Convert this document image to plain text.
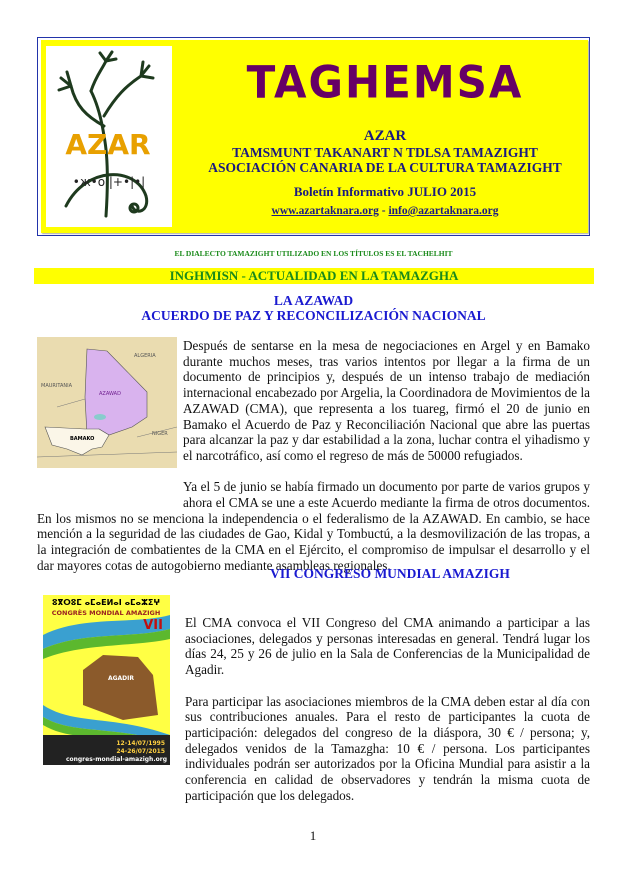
AZAR
•ж•o |+•|•|
TAGHEMSA
AZAR
TAMSMUNT TAKANART N TDLSA TAMAZIGHT
ASOCIACIÓN CANARIA DE LA CULTURA TAMAZIGHT
Boletín Informativo JULIO 2015
www.azartaknara.org - info@azartaknara.org
EL DIALECTO TAMAZIGHT UTILIZADO EN LOS TÍTULOS ES EL TACHELHIT
INGHMISN - ACTUALIDAD EN LA TAMAZGHA
LA AZAWAD
ACUERDO DE PAZ Y RECONCILIZACIÓN NACIONAL
ALGERIA
MAURITANIA
AZAWAD
NIGER
BAMAKO

Después de sentarse en la mesa de negociaciones en Argel y en Bamako durante muchos meses, tras varios intentos por llegar a la firma de un documento de principios y, después de un intenso trabajo de mediación internacional encabezado por Argelia, la Coordinadora de Movimientos de la AZAWAD (CMA), que representa a los tuareg, firmó el 20 de junio en Bamako el Acuerdo de Paz y Reconciliación Nacional que abre las puertas para alcanzar la paz y dar estabilidad a la zona, luchar contra el yihadismo y el narcotráfico, así como el regreso de más de 50000 refugiados.

Ya el 5 de junio se había firmado un documento por parte de varios grupos y ahora el CMA se une a este Acuerdo mediante la firma de otros documentos. En los mismos no se menciona la independencia o el federalismo de la AZAWAD. En cambio, se hace mención a la seguridad de las ciudades de Gao, Kidal y Tombuctú, a la desmovilización de las tropas, a la integración de combatientes de la CMA en el Ejército, el compromiso de impulsar el desarrollo y el dar mayores cotas de autogobierno mediante asambleas regionales.

VII CONGRESO MUNDIAL AMAZIGH
ⵓⴳⵔⵓⵎ ⴰⵎⴰⴹⵍⴰⵏ ⴰⵎⴰⵣⵉⵖ
CONGRÈS MONDIAL AMAZIGH
VII
AGADIR
12-14/07/1995
24-26/07/2015
congres-mondial-amazigh.org

El CMA convoca el VII Congreso del CMA animando a participar a las asociaciones, delegados y personas interesadas en general. Tendrá lugar los días 24, 25 y 26 de julio en la Sala de Conferencias de la Municipalidad de Agadir.

Para participar las asociaciones miembros de la CMA deben estar al día con sus contribuciones anuales. Para el resto de participantes la cuota de participación: delegados del congreso de la diáspora, 30 € / persona; y, delegados venidos de la Tamazgha: 10 € / persona. Los participantes individuales podrán ser autorizados por la Oficina Mundial para asistir a la conferencia en calidad de observadores y tendrán la misma cuota de participación que los delegados.

1
